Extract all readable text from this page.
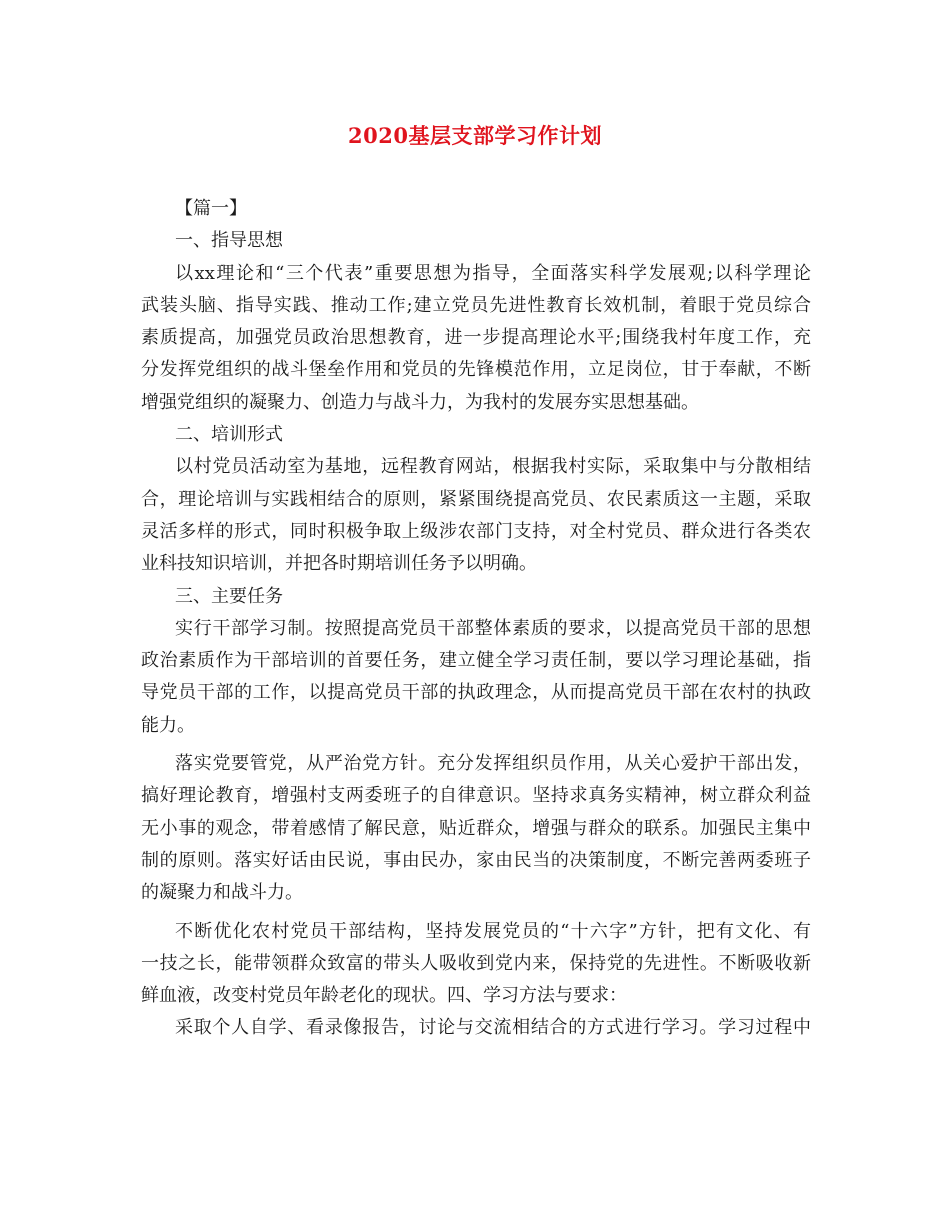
2020基层支部学习作计划
【篇一】
一、指导思想
以xx理论和“三个代表”重要思想为指导，全面落实科学发展观;以科学理论
武装头脑、指导实践、推动工作;建立党员先进性教育长效机制，着眼于党员综合
素质提高，加强党员政治思想教育，进一步提高理论水平;围绕我村年度工作，充
分发挥党组织的战斗堡垒作用和党员的先锋模范作用，立足岗位，甘于奉献，不断
增强党组织的凝聚力、创造力与战斗力，为我村的发展夯实思想基础。
二、培训形式
以村党员活动室为基地，远程教育网站，根据我村实际，采取集中与分散相结
合，理论培训与实践相结合的原则，紧紧围绕提高党员、农民素质这一主题，采取
灵活多样的形式，同时积极争取上级涉农部门支持，对全村党员、群众进行各类农
业科技知识培训，并把各时期培训任务予以明确。
三、主要任务
实行干部学习制。按照提高党员干部整体素质的要求，以提高党员干部的思想
政治素质作为干部培训的首要任务，建立健全学习责任制，要以学习理论基础，指
导党员干部的工作，以提高党员干部的执政理念，从而提高党员干部在农村的执政
能力。
落实党要管党，从严治党方针。充分发挥组织员作用，从关心爱护干部出发，
搞好理论教育，增强村支两委班子的自律意识。坚持求真务实精神，树立群众利益
无小事的观念，带着感情了解民意，贴近群众，增强与群众的联系。加强民主集中
制的原则。落实好话由民说，事由民办，家由民当的决策制度，不断完善两委班子
的凝聚力和战斗力。
不断优化农村党员干部结构，坚持发展党员的“十六字”方针，把有文化、有
一技之长，能带领群众致富的带头人吸收到党内来，保持党的先进性。不断吸收新
鲜血液，改变村党员年龄老化的现状。四、学习方法与要求：
采取个人自学、看录像报告，讨论与交流相结合的方式进行学习。学习过程中
